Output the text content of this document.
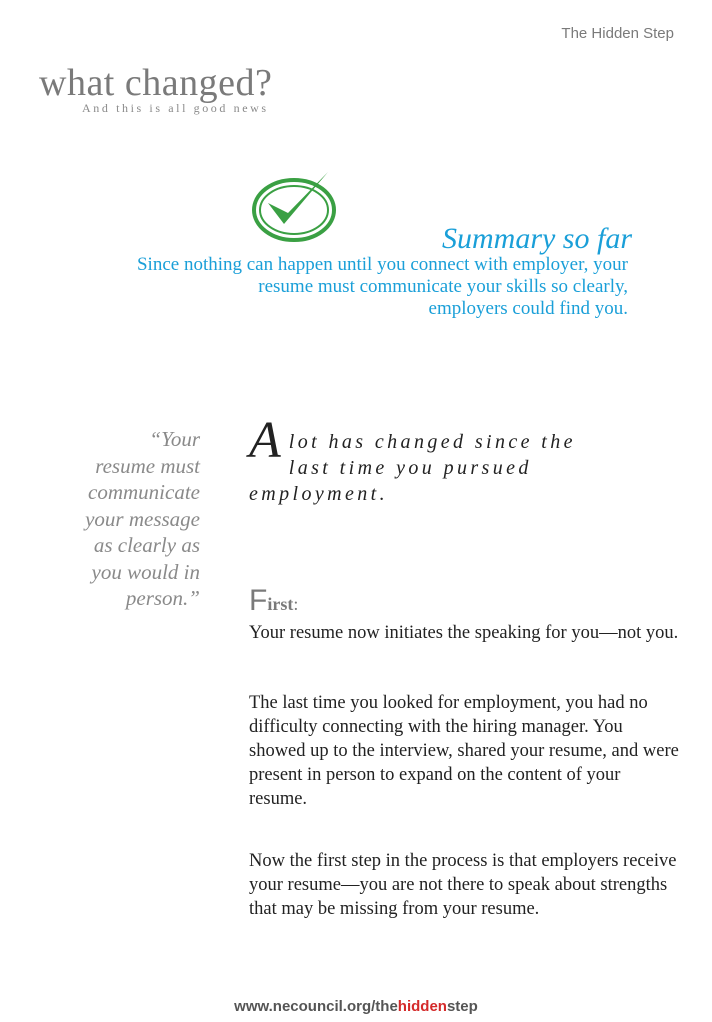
The Hidden Step
what changed?
And this is all good news
Summary so far
Since nothing can happen until you connect with employer, your
resume must communicate your skills so clearly,
employers could find you.
“Your
resume must
communicate
your message
as clearly as
you would in
person.”
A lot has changed since the
last time you pursued
employment.
First:
Your resume now initiates the speaking for you—not you.
The last time you looked for employment, you had no difficulty connecting with the hiring manager. You showed up to the interview, shared your resume, and were present in person to expand on the content of your resume.
Now the first step in the process is that employers receive your resume—you are not there to speak about strengths that may be missing from your resume.
www.necouncil.org/thehiddenstep
